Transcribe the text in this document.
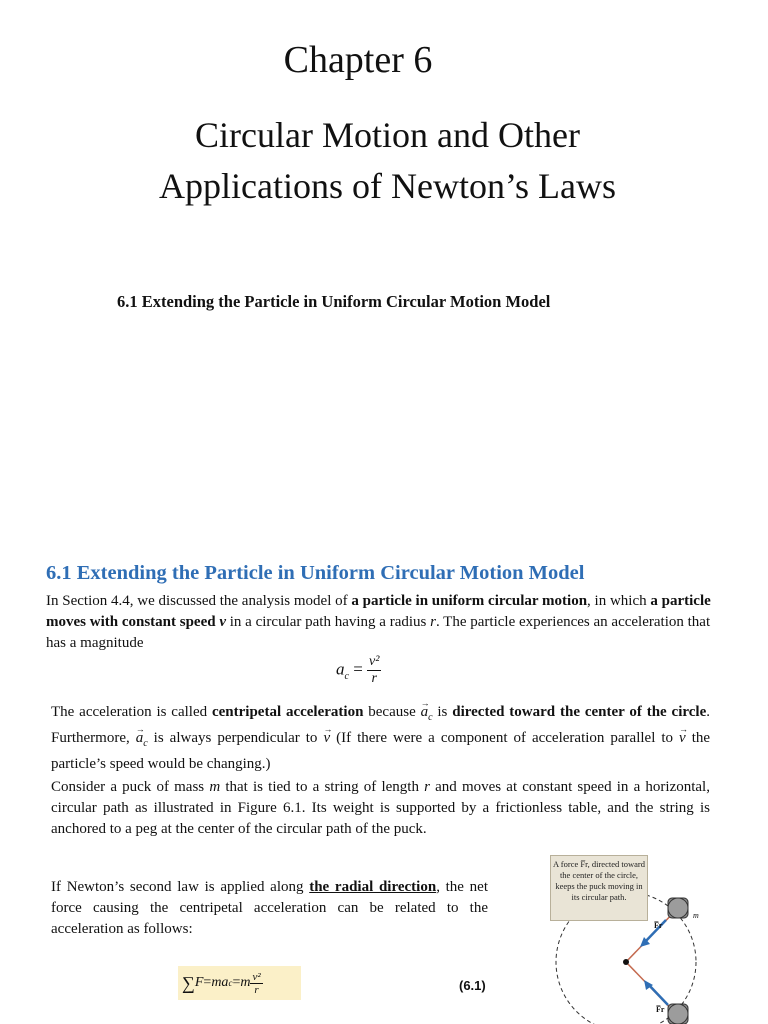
Chapter 6
Circular Motion and Other
Applications of Newton’s Laws
6.1 Extending the Particle in Uniform Circular Motion Model
6.1 Extending the Particle in Uniform Circular Motion Model
In Section 4.4, we discussed the analysis model of a particle in uniform circular motion, in which a particle moves with constant speed v in a circular path having a radius r. The particle experiences an acceleration that has a magnitude
$a_c = \frac{\text{v²}}{r}$
The acceleration is called centripetal acceleration because → $a_c$ is directed toward the center of the circle. Furthermore, → $a_c$ is always perpendicular to → v (If there were a component of acceleration parallel to → v the particle’s speed would be changing.)
Consider a puck of mass m that is tied to a string of length r and moves at constant speed in a horizontal, circular path as illustrated in Figure 6.1. Its weight is supported by a frictionless table, and the string is anchored to a peg at the center of the circular path of the puck.
If Newton’s second law is applied along the radial direction, the net force causing the centripetal acceleration can be related to the acceleration as follows:
∑ F = ma c = m $\frac{\text{v²}}{r}$	(6.1)
m
F̅r
F̅r
A force F̅r, directed toward the center of the circle, keeps the puck moving in its circular path.
